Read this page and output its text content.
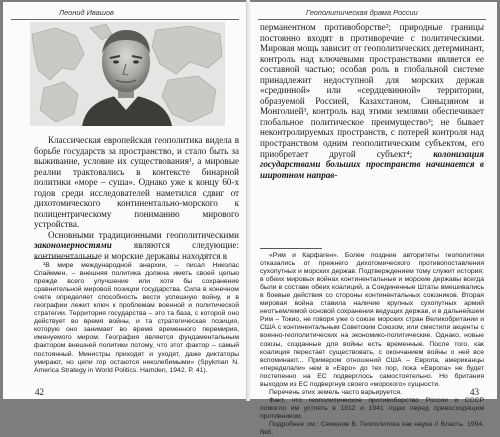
Леонид Ивашов

Классическая европейская геополитика видела в борьбе государств за пространство, и стало быть за выживание, условие их существования¹, а мировые реалии трактовались в контексте бинарной политики «море – суша». Однако уже к концу 60-х годов среди исследователей наметился сдвиг от дихотомического континентально-морского к полицентрическому пониманию мирового устройства.

Основными традиционными геополитическими закономерностями являются следующие: континентальные и морские державы находятся в

¹В мире международной анархии, – писал Николас Спайкмен, – внешняя политика должна иметь своей целью прежде всего улучшение или хотя бы сохранение сравнительной мировой позиции государства. Сила в конечном счете определяет способность вести успешную войну, и в географии лежит ключ к проблемам военной и политической стратегии. Территория государства – это та база, с которой оно действует во время войны, и та стратегическая позиция, которую оно занимает во время временного перемирия, именуемого миром. География является фундаментальным фактором внешней политики потому, что этот фактор – самый постоянный. Министры приходят и уходят, даже диктаторы умирают, но цепи гор остаются неколебимыми» (Spykman N. America Strategy in World Politics. Hamden, 1942. P. 41).

42
Геополитическая драма России

перманентном противоборстве²; природные границы постоянно входят в противоречие с политическими. Мировая мощь зависит от геополитических детерминант, контроль над ключевыми пространствами является ее составной частью; особая роль в глобальной системе принадлежит недоступной для морских держав «срединной» или «сердцевинной» территории, образуемой Россией, Казахстаном, Синьцзяном и Монголией³, контроль над этими землями обеспечивает глобальное политическое преимущество³; не бывает неконтролируемых пространств, с потерей контроля над пространством одним геополитическим субъектом, его приобретает другой субъект⁴; колонизация государствами больших пространств начинается в широтном направ-

«Рим и Карфаген». Более поздние авторитеты геополитики отказались от прежнего дихотомического противопоставления сухопутных и морских держав. Подтверждением тому служит история: в обеих мировых войнах континентальные и морские державы всегда были в составе обеих коалиций, а Соединенные Штаты вмешивались в боевые действия со стороны континентальных союзников. Вторая мировая война ставила наличие крупных сухопутных армий неотъемлемой основой сохранения ведущих держав, и в дальнейшем Рим – Токио, не говоря уже о союзе морских стран Великобритании и США с континентальным Советским Союзом, или сместили акценты с военно-геополитических на экономико-политические. Однако, новые союзы, созданные для войны есть временные. После того, как коалиция перестает существовать, с окончанием войны о ней все вспоминают... Примером отношений США – Европа, американцы «переделали» нем в «Евро» до тех пор, пока «Европа» не будет постепенно на ЕС подверглось самостоятельно. Но британия выходом из ЕС подвергнув своего «морского» сущности.

Перечень этих земель часто варьируется.

Факт, что геополитическое противоборство России и СССР помогло им устоять в 1812 и 1941 годах перед превосходящим противником.

Подробнее см.: Семенов В. Геополитика как наука // Власть. 1994. №8.

43
